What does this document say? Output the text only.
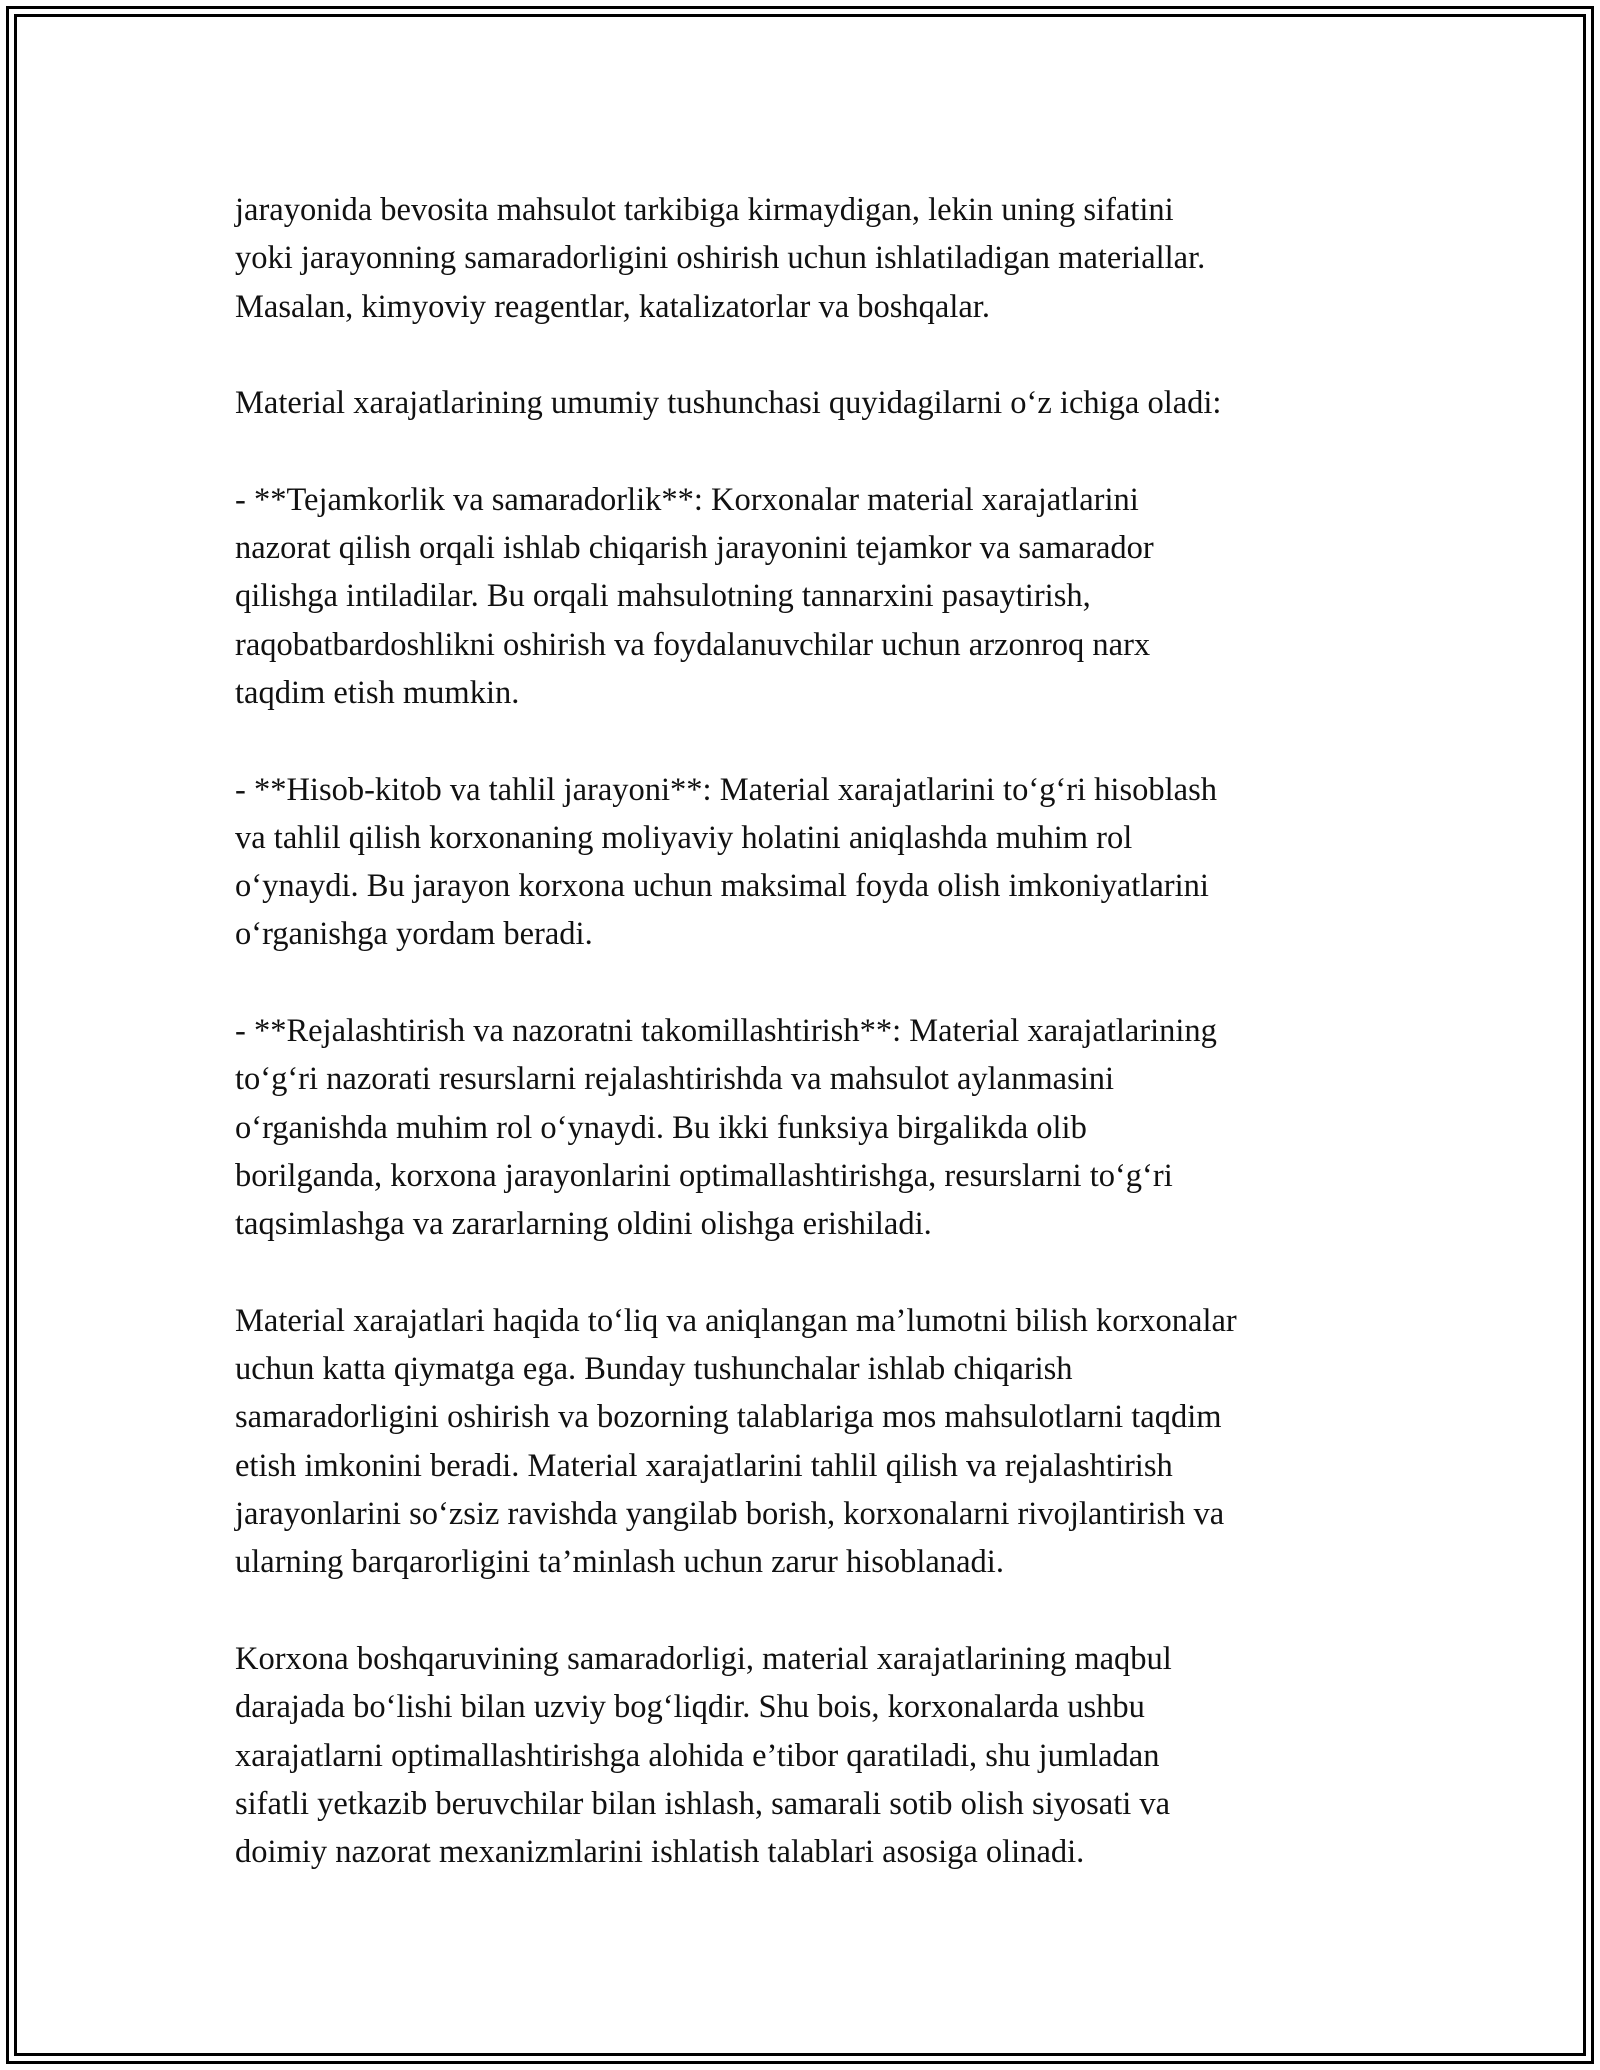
jarayonida bevosita mahsulot tarkibiga kirmaydigan, lekin uning sifatini
yoki jarayonning samaradorligini oshirish uchun ishlatiladigan materiallar.
Masalan, kimyoviy reagentlar, katalizatorlar va boshqalar.

Material xarajatlarining umumiy tushunchasi quyidagilarni o‘z ichiga oladi:

- **Tejamkorlik va samaradorlik**: Korxonalar material xarajatlarini
nazorat qilish orqali ishlab chiqarish jarayonini tejamkor va samarador
qilishga intiladilar. Bu orqali mahsulotning tannarxini pasaytirish,
raqobatbardoshlikni oshirish va foydalanuvchilar uchun arzonroq narx
taqdim etish mumkin.

- **Hisob-kitob va tahlil jarayoni**: Material xarajatlarini to‘g‘ri hisoblash
va tahlil qilish korxonaning moliyaviy holatini aniqlashda muhim rol
o‘ynaydi. Bu jarayon korxona uchun maksimal foyda olish imkoniyatlarini
o‘rganishga yordam beradi.

- **Rejalashtirish va nazoratni takomillashtirish**: Material xarajatlarining
to‘g‘ri nazorati resurslarni rejalashtirishda va mahsulot aylanmasini
o‘rganishda muhim rol o‘ynaydi. Bu ikki funksiya birgalikda olib
borilganda, korxona jarayonlarini optimallashtirishga, resurslarni to‘g‘ri
taqsimlashga va zararlarning oldini olishga erishiladi.

Material xarajatlari haqida to‘liq va aniqlangan ma’lumotni bilish korxonalar
uchun katta qiymatga ega. Bunday tushunchalar ishlab chiqarish
samaradorligini oshirish va bozorning talablariga mos mahsulotlarni taqdim
etish imkonini beradi. Material xarajatlarini tahlil qilish va rejalashtirish
jarayonlarini so‘zsiz ravishda yangilab borish, korxonalarni rivojlantirish va
ularning barqarorligini ta’minlash uchun zarur hisoblanadi.

Korxona boshqaruvining samaradorligi, material xarajatlarining maqbul
darajada bo‘lishi bilan uzviy bog‘liqdir. Shu bois, korxonalarda ushbu
xarajatlarni optimallashtirishga alohida e’tibor qaratiladi, shu jumladan
sifatli yetkazib beruvchilar bilan ishlash, samarali sotib olish siyosati va
doimiy nazorat mexanizmlarini ishlatish talablari asosiga olinadi.
